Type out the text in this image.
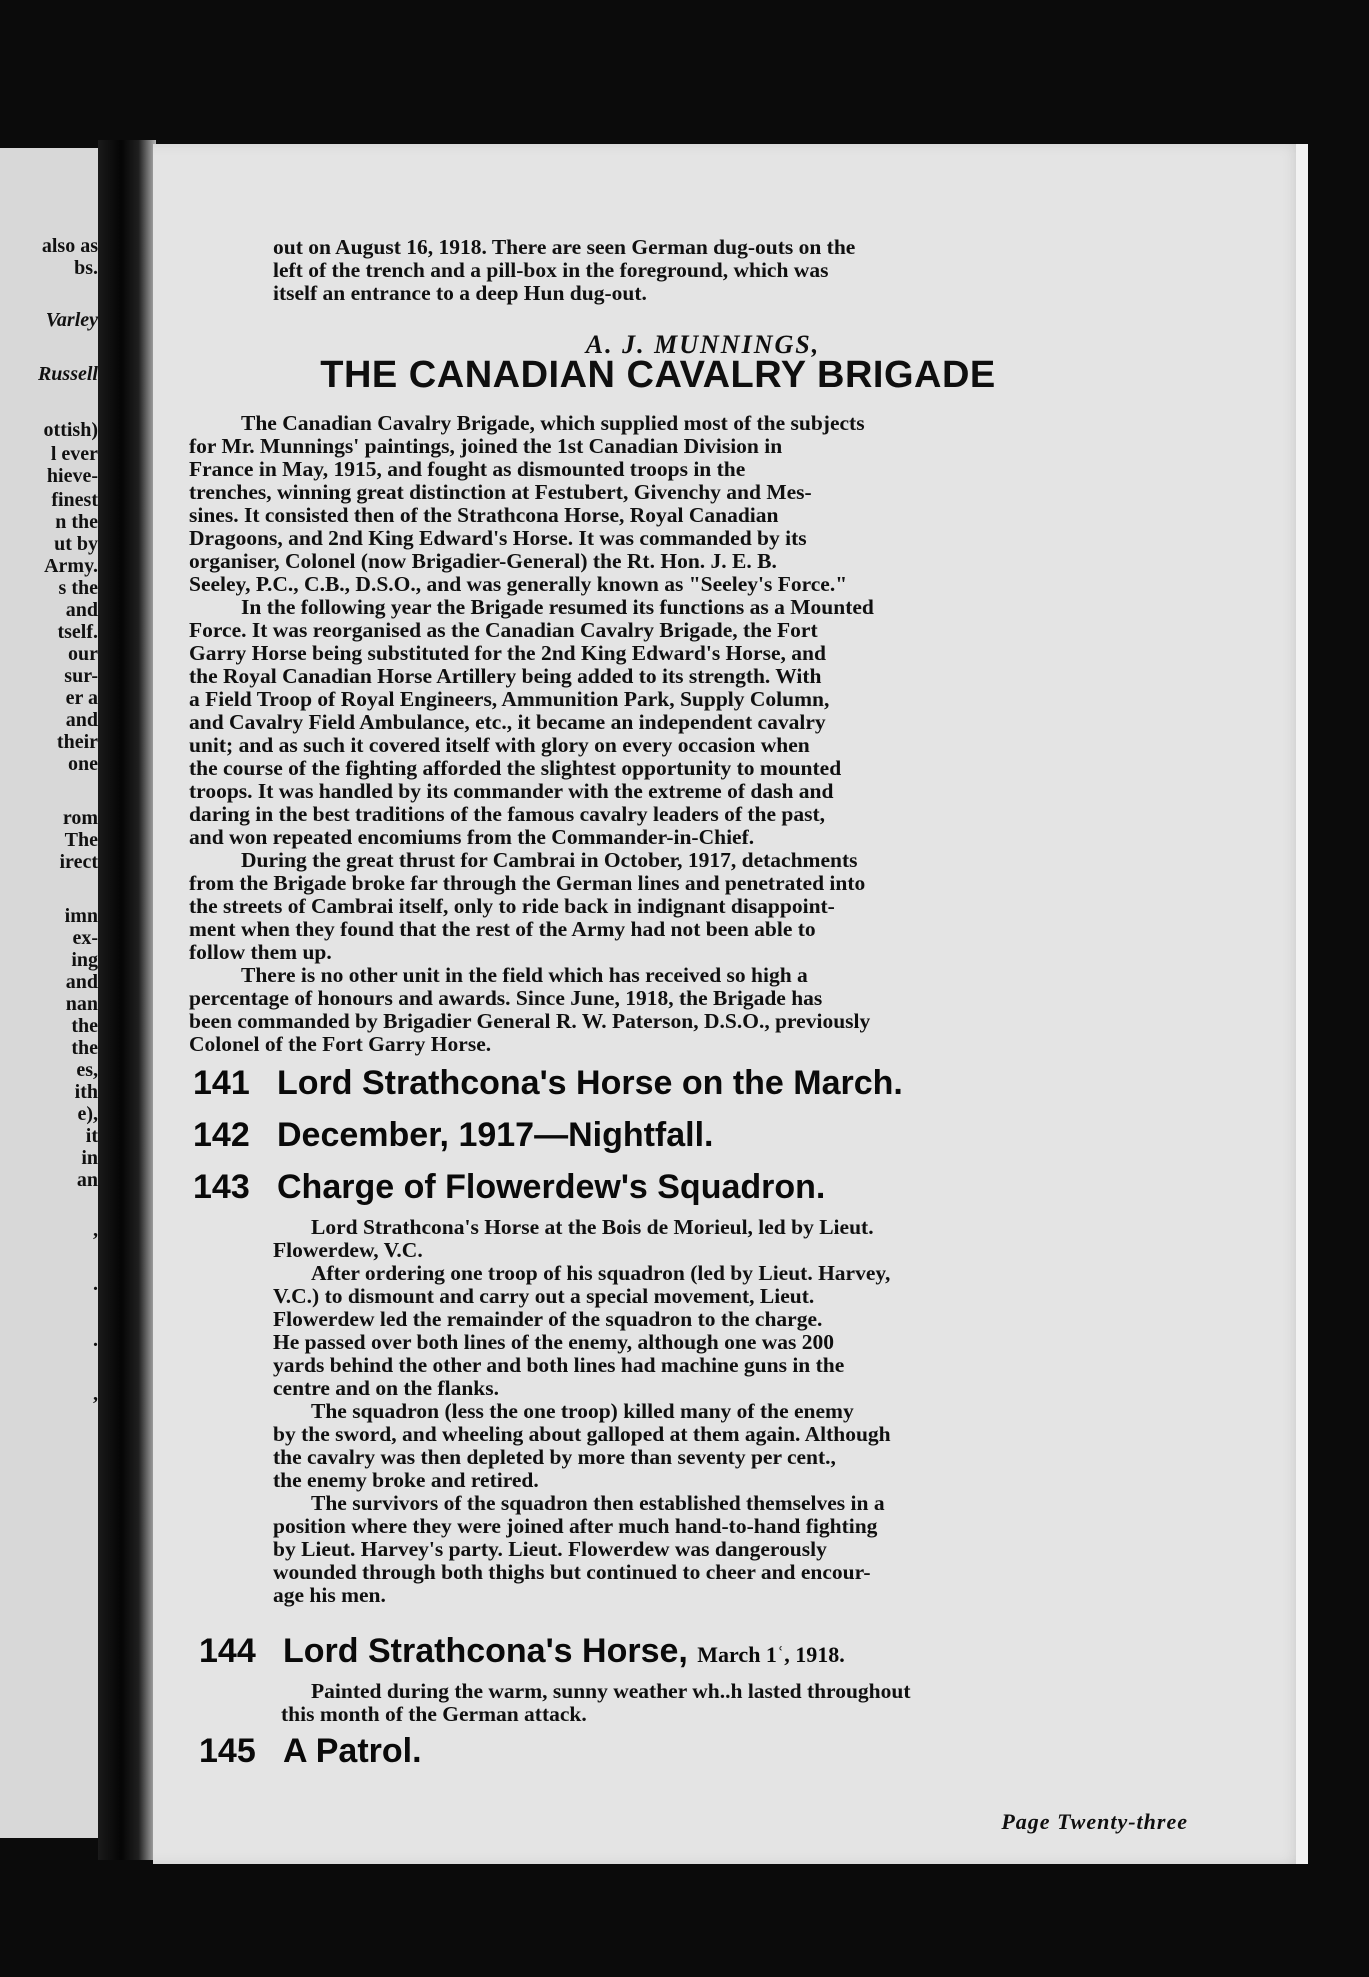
also as
bs.
Varley
Russell
ottish)
l ever
hieve-
finest
n the
ut by
Army.
s the
and
tself.
our
sur-
er a
and
their
one
rom
The
irect
imn
ex-
ing
and
nan
the
the
es,
ith
e),
it
in
an
,
.
.
,
out on August 16, 1918. There are seen German dug-outs on the
left of the trench and a pill-box in the foreground, which was
itself an entrance to a deep Hun dug-out.
A. J. MUNNINGS,
THE CANADIAN CAVALRY BRIGADE
The Canadian Cavalry Brigade, which supplied most of the subjects
for Mr. Munnings' paintings, joined the 1st Canadian Division in
France in May, 1915, and fought as dismounted troops in the
trenches, winning great distinction at Festubert, Givenchy and Mes-
sines. It consisted then of the Strathcona Horse, Royal Canadian
Dragoons, and 2nd King Edward's Horse. It was commanded by its
organiser, Colonel (now Brigadier-General) the Rt. Hon. J. E. B.
Seeley, P.C., C.B., D.S.O., and was generally known as "Seeley's Force."
In the following year the Brigade resumed its functions as a Mounted
Force. It was reorganised as the Canadian Cavalry Brigade, the Fort
Garry Horse being substituted for the 2nd King Edward's Horse, and
the Royal Canadian Horse Artillery being added to its strength. With
a Field Troop of Royal Engineers, Ammunition Park, Supply Column,
and Cavalry Field Ambulance, etc., it became an independent cavalry
unit; and as such it covered itself with glory on every occasion when
the course of the fighting afforded the slightest opportunity to mounted
troops. It was handled by its commander with the extreme of dash and
daring in the best traditions of the famous cavalry leaders of the past,
and won repeated encomiums from the Commander-in-Chief.
During the great thrust for Cambrai in October, 1917, detachments
from the Brigade broke far through the German lines and penetrated into
the streets of Cambrai itself, only to ride back in indignant disappoint-
ment when they found that the rest of the Army had not been able to
follow them up.
There is no other unit in the field which has received so high a
percentage of honours and awards. Since June, 1918, the Brigade has
been commanded by Brigadier General R. W. Paterson, D.S.O., previously
Colonel of the Fort Garry Horse.
141 Lord Strathcona's Horse on the March.
142 December, 1917—Nightfall.
143 Charge of Flowerdew's Squadron.
Lord Strathcona's Horse at the Bois de Morieul, led by Lieut.
Flowerdew, V.C.
After ordering one troop of his squadron (led by Lieut. Harvey,
V.C.) to dismount and carry out a special movement, Lieut.
Flowerdew led the remainder of the squadron to the charge.
He passed over both lines of the enemy, although one was 200
yards behind the other and both lines had machine guns in the
centre and on the flanks.
The squadron (less the one troop) killed many of the enemy
by the sword, and wheeling about galloped at them again. Although
the cavalry was then depleted by more than seventy per cent.,
the enemy broke and retired.
The survivors of the squadron then established themselves in a
position where they were joined after much hand-to-hand fighting
by Lieut. Harvey's party. Lieut. Flowerdew was dangerously
wounded through both thighs but continued to cheer and encour-
age his men.
144 Lord Strathcona's Horse, March 1ʿ, 1918.
Painted during the warm, sunny weather wh..h lasted throughout
this month of the German attack.
145 A Patrol.
Page Twenty-three
